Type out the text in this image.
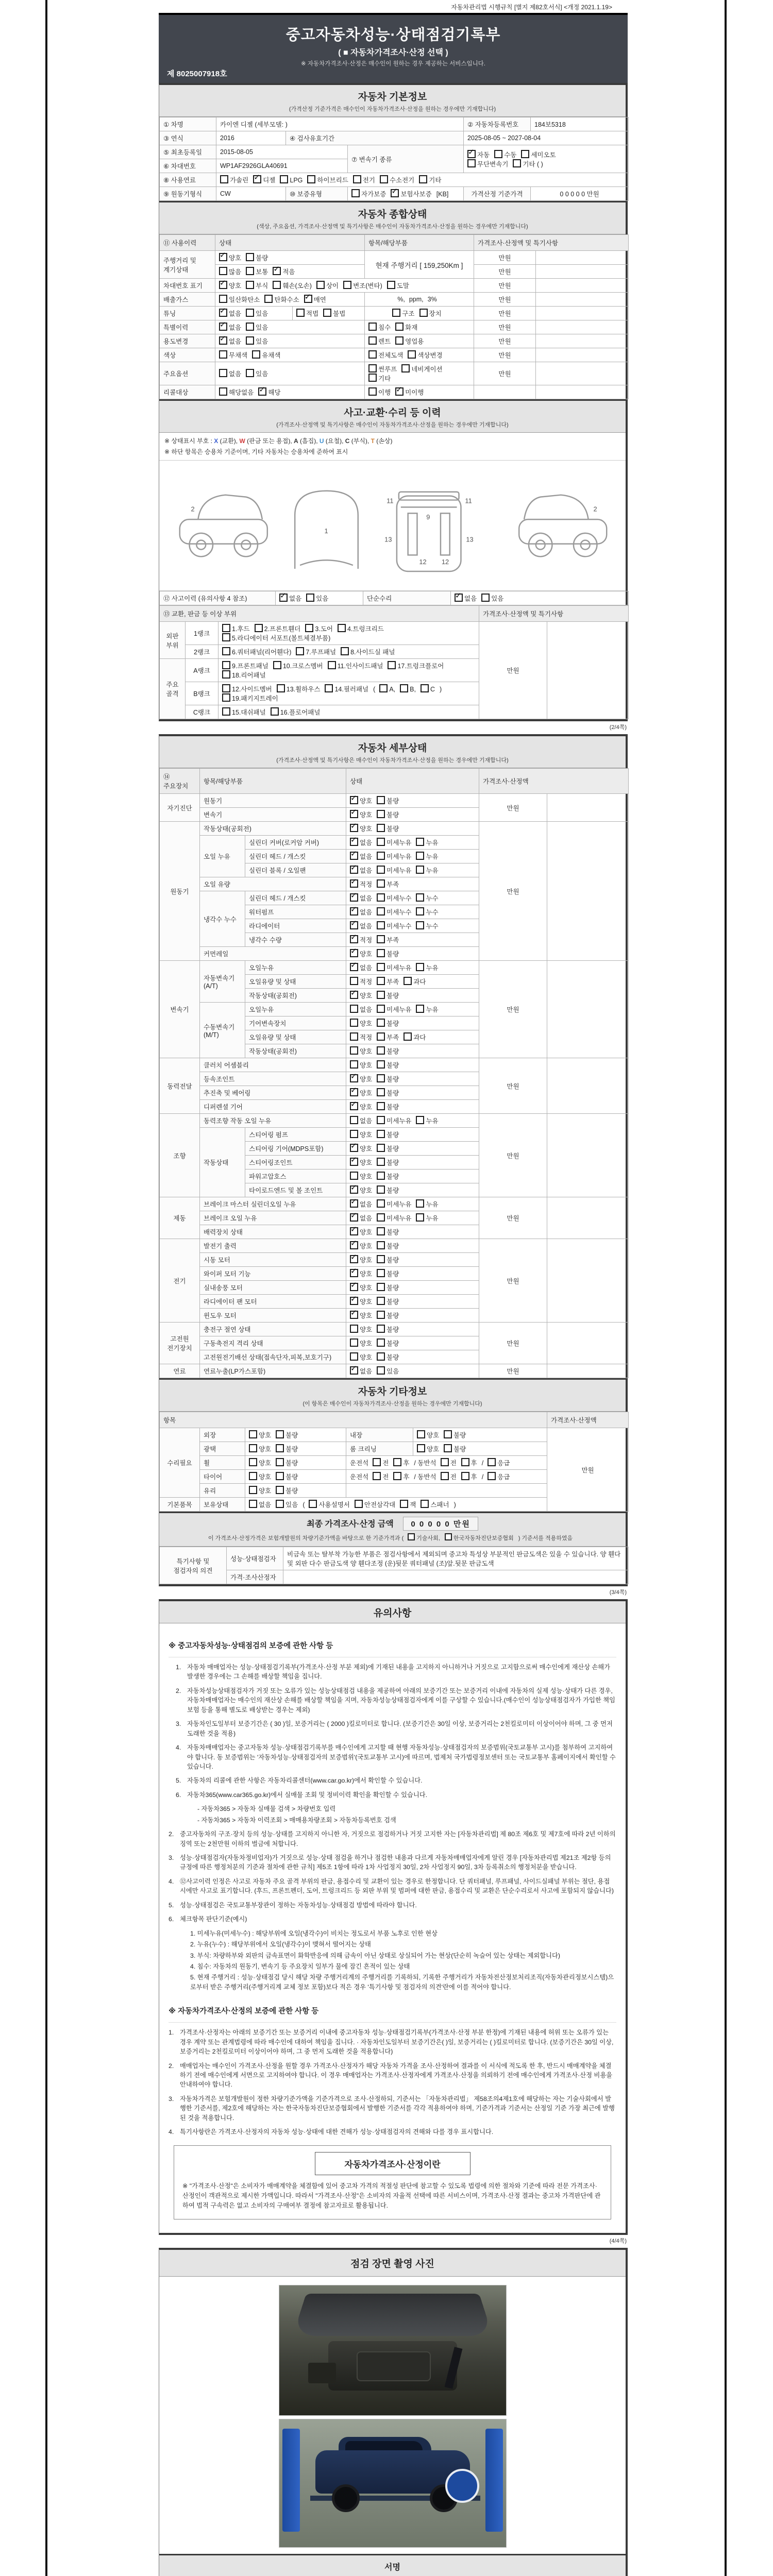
자동차관리법 시행규칙 [별지 제82호서식] <개정 2021.1.19>
중고자동차성능·상태점검기록부
( ■ 자동차가격조사·산정 선택 )
※ 자동차가격조사·산정은 매수인이 원하는 경우 제공하는 서비스입니다.
제 8025007918호
자동차 기본정보
(가격산정 기준가격은 매수인이 자동차가격조사·산정을 원하는 경우에만 기재합니다)
① 차명	카이엔 디젤 (세부모델: )			② 자동차등록번호	184보5318
③ 연식	2016	④ 검사유효기간		2025-08-05 ~ 2027-08-04	
⑤ 최초등록일	2015-08-05		⑦ 변속기 종류	✓자동 수동 세미오토
무단변속기 기타 ( )
⑥ 차대번호	WP1AF2926GLA40691				
⑧ 사용연료	가솔린 ✓ 디젤 LPG 하이브리드 전기 수소전기 기타
⑨ 원동기형식	CW	⑩ 보증유형	자가보증 ✓ 보험사보증 [KB]	가격산정 기준가격	0 0 0 0 0 만원
자동차 종합상태
(색상, 주요옵션, 가격조사·산정액 및 특기사항은 매수인이 자동차가격조사·산정을 원하는 경우에만 기재합니다)
⑪ 사용이력	상태		항목/해당부품	가격조사·산정액 및 특기사항	
주행거리 및 계기상태	✓양호 불량		현재 주행거리 [ 159,250Km ]	만원	
	많음 보통 ✓ 적음			만원	
차대번호 표기	✓양호 부식 훼손(오손) 상이 변조(변타) 도말			만원	
배출가스	일산화탄소 탄화수소 ✓ 매연		%, ppm, 3%	만원	
튜닝	✓없음 있음	적법 불법	구조 장치	만원	
특별이력	✓없음 있음		침수 화재	만원	
용도변경	✓없음 있음		렌트 영업용	만원	
색상	무채색 유채색		전체도색 색상변경	만원	
주요옵션	없음 있음		썬루프 네비게이션기타	만원	
리콜대상	해당없음 ✓ 해당		이행 ✓ 미이행		
사고·교환·수리 등 이력
(가격조사·산정액 및 특기사항은 매수인이 자동차가격조사·산정을 원하는 경우에만 기재합니다)
※ 상태표시 부호 : X (교환), W (판금 또는 용접), A (흠집), U (요철), C (부식), T (손상)
※ 하단 항목은 승용차 기준이며, 기타 자동차는 승용차에 준하여 표시
2
1
9
11	11
13	13
12 12
2
⑫ 사고이력 (유의사항 4 참조)	✓없음 있음	단순수리	✓없음 있음
⑬ 교환, 판금 등 이상 부위			가격조사·산정액 및 특기사항	
외판 부위	1랭크	1.후드 2.프론트휀더 3.도어 4.트렁크리드
5.라디에이터 서포트(볼트체결부품)	만원	
	2랭크	6.쿼터패널(리어휀다) 7.루프패널 8.사이드실 패널		
주요 골격	A랭크	9.프론트패널 10.크로스멤버 11.인사이드패널 17.트렁크플로어
18.리어패널		
	B랭크	12.사이드멤버 13.휠하우스 14.필러패널 ( A, B, C )
19.패키지트레이		
	C랭크	15.대쉬패널 16.플로어패널		
(2/4쪽)
자동차 세부상태
(가격조사·산정액 및 특기사항은 매수인이 자동차가격조사·산정을 원하는 경우에만 기재합니다)
⑭ 주요장치	항목/해당부품		상태	가격조사·산정액	
자기진단	원동기	✓양호 불량	만원	
	변속기	✓양호 불량
원동기	작동상태(공회전)	✓양호 불량	만원	
	오일 누유	실린더 커버(로커암 커버)	✓없음 미세누유 누유
		실린더 헤드 / 개스킷	✓없음 미세누유 누유
		실린더 블록 / 오일팬	✓없음 미세누유 누유
	오일 유량	✓적정 부족
	냉각수 누수	실린더 헤드 / 개스킷	✓없음 미세누수 누수
		워터펌프	✓없음 미세누수 누수
		라디에이터	✓없음 미세누수 누수
		냉각수 수량	✓적정 부족
	커먼레일	✓양호 불량
변속기	자동변속기 (A/T)	오일누유	✓없음 미세누유 누유	만원	
		오일유량 및 상태	적정 부족 과다		
		작동상태(공회전)	✓양호 불량
	수동변속기 (M/T)	오일누유	없음 미세누유 누유		
		기어변속장치	양호 불량		
		오일유량 및 상태	적정 부족 과다		
		작동상태(공회전)	양호 불량		
동력전달	클러치 어셈블리		양호 불량	만원	
	등속조인트	✓양호 불량
	추진축 및 베어링	✓양호 불량
	디퍼렌셜 기어	✓양호 불량
조향	동력조향 작동 오일 누유		없음 미세누유 누유	만원	
	작동상태	스티어링 펌프	양호 불량		
		스티어링 기어(MDPS포함)	✓양호 불량
		스티어링조인트	✓양호 불량
		파워고압호스	양호 불량		
		타이로드엔드 및 볼 조인트	✓양호 불량
제동	브레이크 마스터 실린더오일 누유	✓없음 미세누유 누유	만원	
	브레이크 오일 누유	✓없음 미세누유 누유
	배력장치 상태	✓양호 불량
전기	발전기 출력	✓양호 불량	만원	
	시동 모터	✓양호 불량
	와이퍼 모터 기능	✓양호 불량
	실내송풍 모터	✓양호 불량
	라디에이터 팬 모터	✓양호 불량
	윈도우 모터	✓양호 불량
고전원 전기장치	충전구 절연 상태		양호 불량	만원	
	구동축전지 격리 상태		양호 불량		
	고전원전기배선 상태(접속단자,피복,보호기구)		양호 불량		
연료	연료누출(LP가스포함)	✓없음 있음	만원	
자동차 기타정보
(이 항목은 매수인이 자동차가격조사·산정을 원하는 경우에만 기재합니다)
항목					가격조사·산정액
수리필요	외장	양호 불량	내장	양호 불량	만원
	광택	양호 불량	룸 크리닝	양호 불량	
	휠	양호 불량	운전석 전 후 / 동반석 전 후 / 응급		
	타이어	양호 불량	운전석 전 후 / 동반석 전 후 / 응급		
	유리	양호 불량			
기본품목	보유상태	없음 있음 ( 사용설명서 안전삼각대 잭 스패너 )			
최종 가격조사·산정 금액 0 0 0 0 0 만원
이 가격조사·산정가격은 보험개발원의 차량기준가액을 바탕으로 한 기준가격과 ( 기술사회, 한국자동차진단보증협회 ) 기준서를 적용하였음
특기사항 및 점검자의 의견	성능·상태점검자	비금속 또는 탈부착 가능한 부품은 점검사항에서 제외되며 중고차 특성상 부분적인 판금도색은 있을 수 있습니다. 양 휀다 및 외판 다수 판금도색 양 휀다조정 (운)뒷문 쿼터패널 (조)앞.뒷문 판금도색
	가격·조사산정자	
(3/4쪽)
유의사항
※ 중고자동차성능·상태점검의 보증에 관한 사항 등
1. 자동차 매매업자는 성능·상태점검기록부(가격조사·산정 부분 제외)에 기재된 내용을 고지하지 아니하거나 거짓으로 고지함으로써 매수인에게 재산상 손해가 발생한 경우에는 그 손해를 배상할 책임을 집니다.
2. 자동차성능상태점검자가 거짓 또는 오류가 있는 성능상태점검 내용을 제공하여 아래의 보증기간 또는 보증거리 이내에 자동차의 실제 성능·상태가 다른 경우, 자동차매매업자는 매수인의 재산상 손해를 배상할 책임을 지며, 자동차성능상태점검자에게 이를 구상할 수 있습니다.(매수인이 성능상태점검자가 가입한 책임보험 등을 통해 별도로 배상받는 경우는 제외)
3. 자동차인도일부터 보증기간은 ( 30 )일, 보증거리는 ( 2000 )킬로미터로 합니다. (보증기간은 30일 이상, 보증거리는 2천킬로미터 이상이어야 하며, 그 중 먼저 도래한 것을 적용)
4. 자동차매매업자는 중고자동차 성능·상태점검기록부를 매수인에게 고지할 때 현행 자동차성능·상태점검자의 보증범위(국토교통부 고시)를 첨부하여 고지하여야 합니다. 동 보증범위는 '자동차성능·상태점검자의 보증범위'(국토교통부 고시)에 따르며, 법제처 국가법령정보센터 또는 국토교통부 홈페이지에서 확인할 수 있습니다.
5. 자동차의 리콜에 관한 사항은 자동차리콜센터(www.car.go.kr)에서 확인할 수 있습니다.
6. 자동차365(www.car365.go.kr)에서 실매물 조회 및 정비이력 확인을 확인할 수 있습니다.
- 자동차365 > 자동차 실매물 검색 > 차량번호 입력
- 자동차365 > 자동차 이력조회 > 매매용차량조회 > 자동차등록번호 검색
2. 중고자동차의 구조·장치 등의 성능·상태를 고지하지 아니한 자, 거짓으로 점검하거나 거짓 고지한 자는 [자동차관리법] 제 80조 제6호 및 제7호에 따라 2년 이하의 징역 또는 2천만원 이하의 벌금에 처합니다.
3. 성능·상태점검자(자동차정비업자)가 거짓으로 성능·상태 점검을 하거나 점검한 내용과 다르게 자동차매매업자에게 알린 경우 [자동차관리법 제21조 제2항 등의 규정에 따른 행정처분의 기준과 절차에 관한 규칙] 제5조 1항에 따라 1차 사업정지 30일, 2차 사업정지 90일, 3차 등록취소의 행정처분을 받습니다.
4. ⑫사고이력 인정은 사고로 자동차 주요 골격 부위의 판금, 용접수리 및 교환이 있는 경우로 한정합니다. 단 쿼터패널, 루프패널, 사이드실패널 부위는 절단, 용접 시에만 사고로 표기합니다. (후드, 프론트펜더, 도어, 트렁크리드 등 외판 부위 및 범퍼에 대한 판금, 용접수리 및 교환은 단순수리로서 사고에 포함되지 않습니다)
5. 성능·상태점검은 국토교통부장관이 정하는 자동차성능·상태점검 방법에 따라야 합니다.
6. 체크항목 판단기준(예시)
1. 미세누유(미세누수) : 해당부위에 오일(냉각수)이 비치는 정도로서 부품 노후로 인한 현상
2. 누유(누수) : 해당부위에서 오일(냉각수)이 맺혀서 떨어지는 상태
3. 부식: 차량하부와 외판의 금속표면이 화학반응에 의해 금속이 아닌 상태로 상실되어 가는 현상(단순히 녹슬어 있는 상태는 제외합니다)
4. 침수: 자동차의 원동기, 변속기 등 주요장치 일부가 물에 잠긴 흔적이 있는 상태
5. 현재 주행거리 : 성능·상태점검 당시 해당 차량 주행거리계의 주행거리를 기록하되, 기록한 주행거리가 자동차전산정보처리조직(자동차관리정보시스템)으로부터 받은 주행거리(주행거리계 교체 정보 포함)보다 적은 경우 '특기사항 및 점검자의 의견'란에 이를 적어야 합니다.
※ 자동차가격조사·산정의 보증에 관한 사항 등
1. 가격조사·산정자는 아래의 보증기간 또는 보증거리 이내에 중고자동차 성능·상태점검기록부(가격조사·산정 부분 한정)에 기재된 내용에 허위 또는 오류가 있는 경우 계약 또는 관계법령에 따라 매수인에 대하여 책임을 집니다. · 자동차인도일부터 보증기간은( )일, 보증거리는 ( )킬로미터로 합니다. (보증기간은 30일 이상, 보증거리는 2천킬로미터 이상이어야 하며, 그 중 먼저 도래한 것을 적용합니다)
2. 매매업자는 매수인이 가격조사·산정을 원할 경우 가격조사·산정자가 해당 자동차 가격을 조사·산정하여 결과를 이 서식에 적도록 한 후, 반드시 매매계약을 체결하기 전에 매수인에게 서면으로 고지하여야 합니다. 이 경우 매매업자는 가격조사·산정자에게 가격조사·산정을 의뢰하기 전에 매수인에게 가격조사·산정 비용을 안내하여야 합니다.
3. 자동차가격은 보험개발원이 정한 차량기준가액을 기준가격으로 조사·산정하되, 기준서는 「자동차관리법」 제58조의4제1호에 해당하는 자는 기술사회에서 발행한 기준서를, 제2호에 해당하는 자는 한국자동차진단보증협회에서 발행한 기준서를 각각 적용하여야 하며, 기준가격과 기준서는 산정일 기준 가장 최근에 발행된 것을 적용합니다.
4. 특기사항란은 가격조사·산정자의 자동차 성능·상태에 대한 견해가 성능·상태점검자의 견해와 다를 경우 표시합니다.
자동차가격조사·산정이란
※ "가격조사·산정"은 소비자가 매매계약을 체결함에 있어 중고차 가격의 적절성 판단에 참고할 수 있도록 법령에 의한 절차와 기준에 따라 전문 가격조사·산정인이 객관적으로 제시한 가액입니다. 따라서 "가격조사·산정"은 소비자의 자율적 선택에 따른 서비스이며, 가격조사·산정 결과는 중고차 가격판단에 관하여 법적 구속력은 없고 소비자의 구매여부 결정에 참고자료로 활용됩니다.
(4/4쪽)
점검 장면 촬영 사진
서명
